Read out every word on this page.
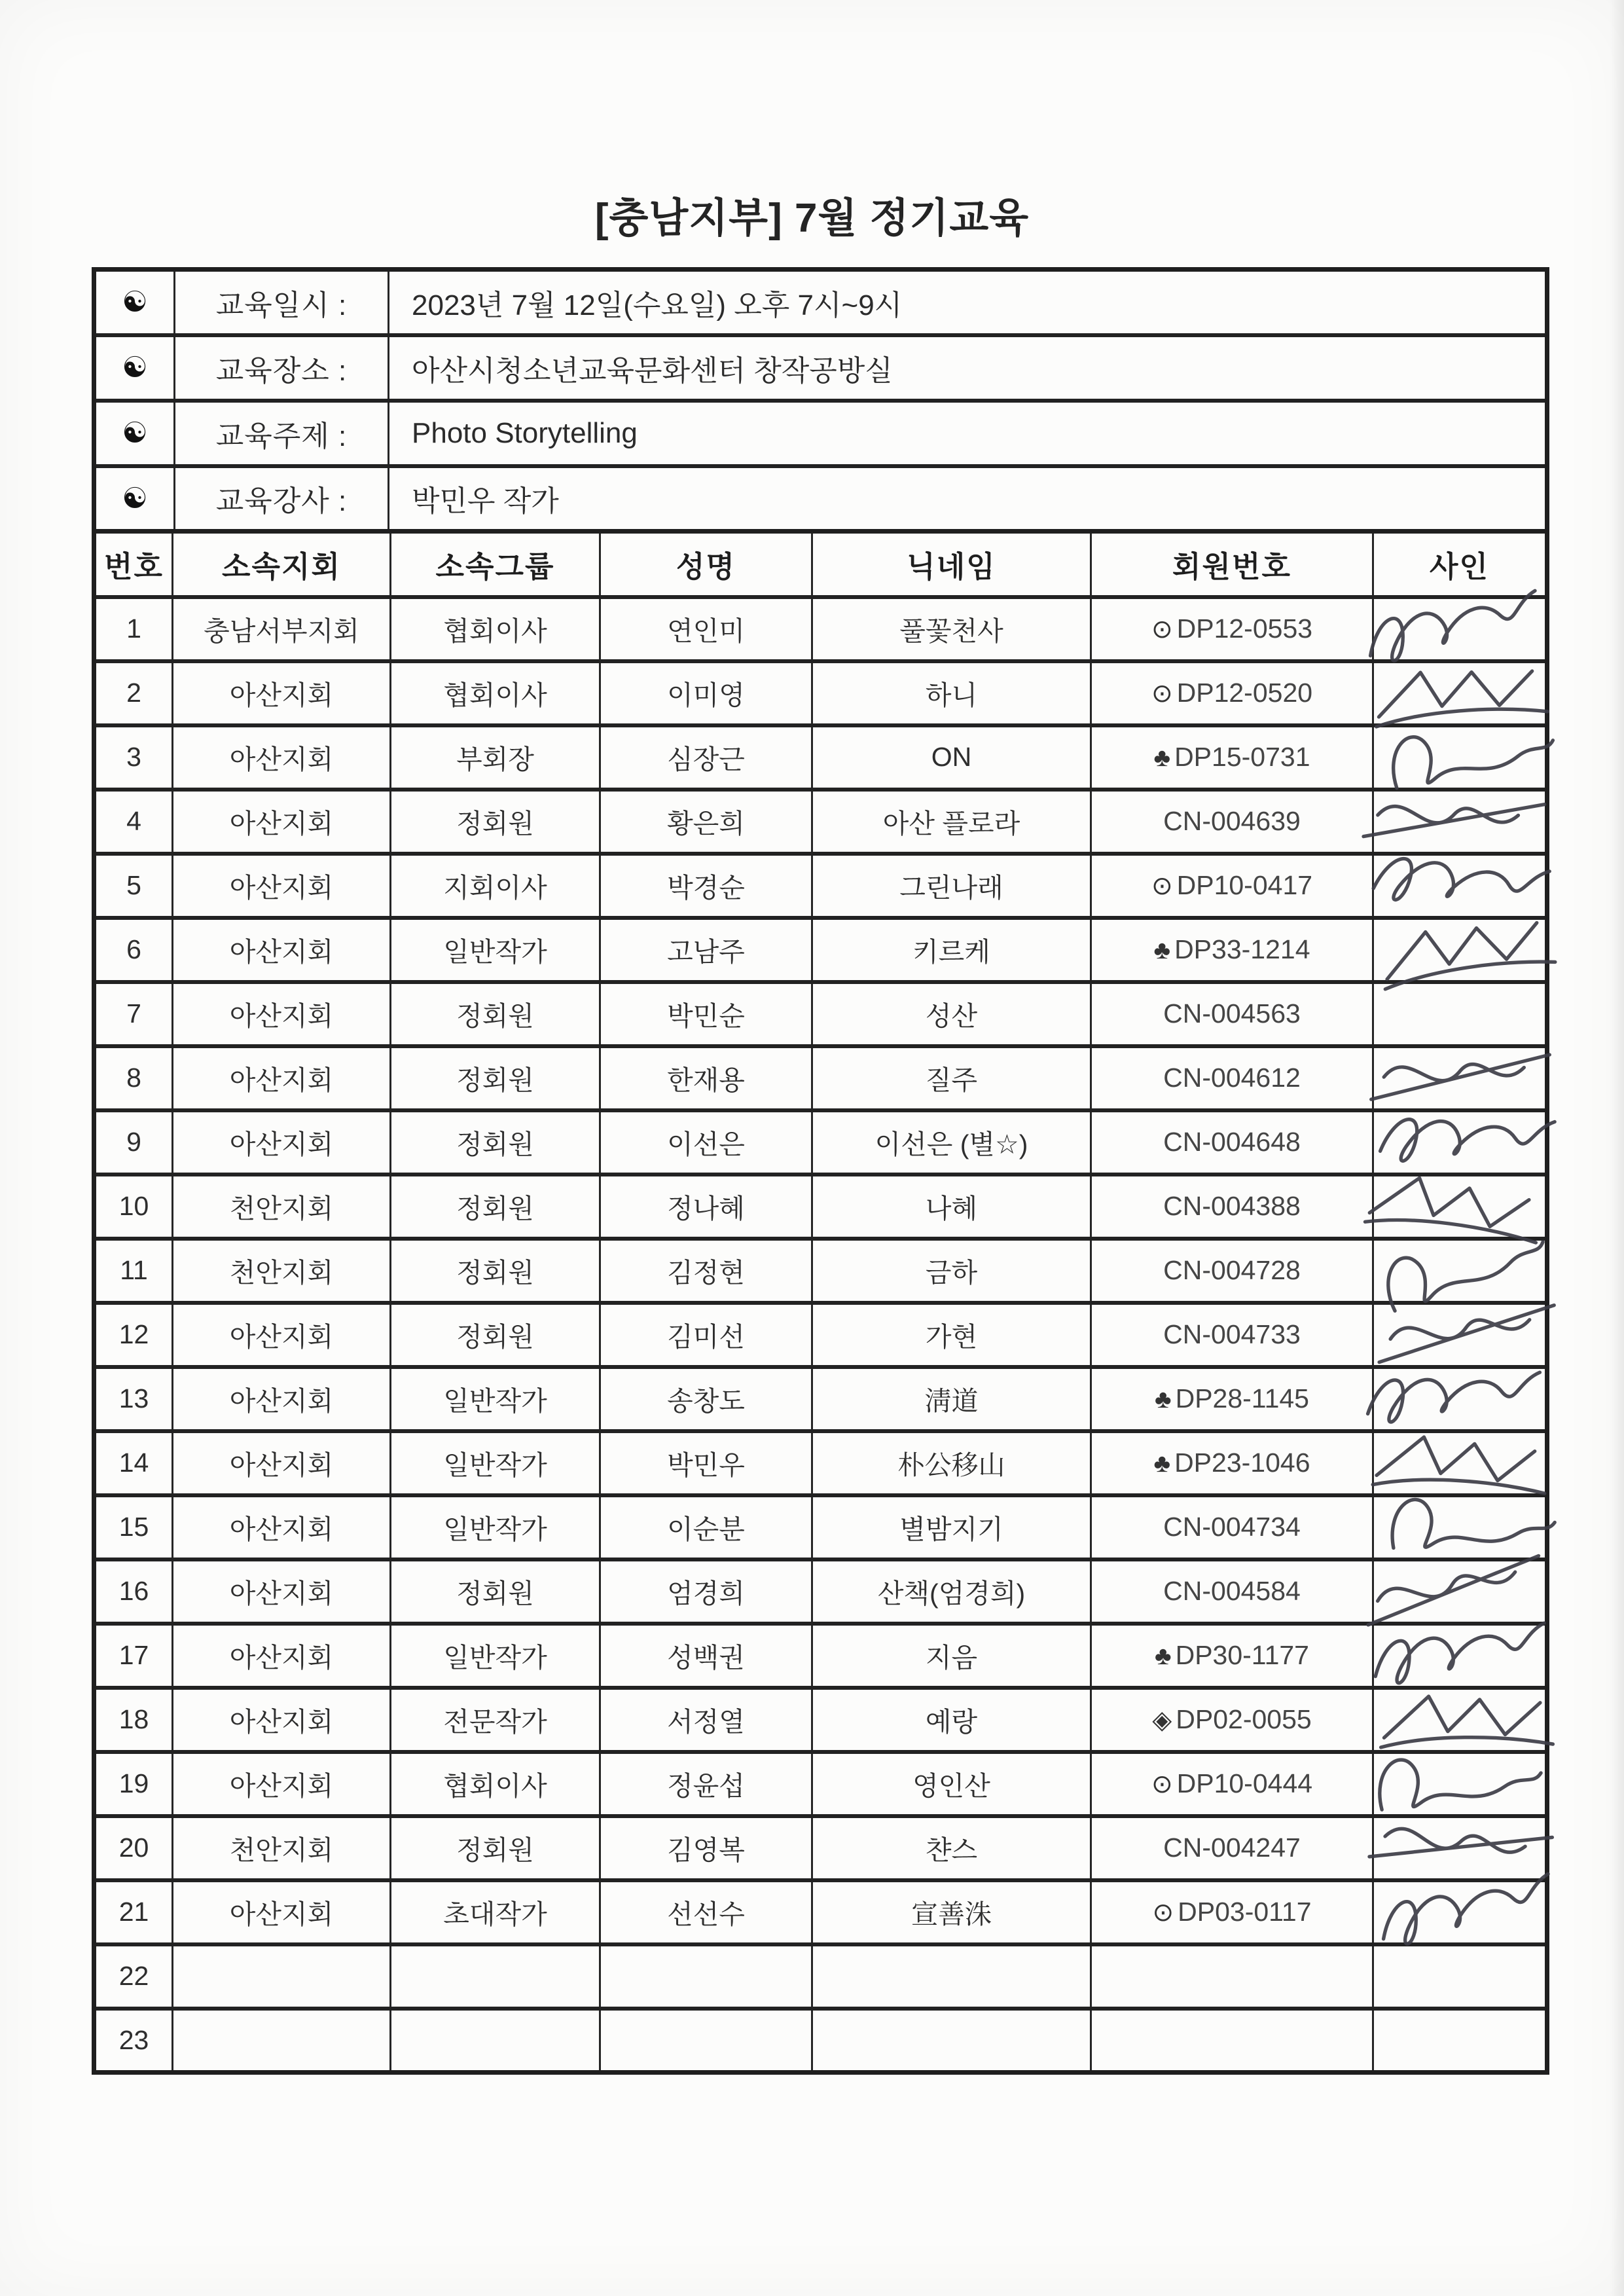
[충남지부] 7월 정기교육
☯	교육일시 :	2023년 7월 12일(수요일) 오후 7시~9시
☯	교육장소 :	아산시청소년교육문화센터 창작공방실
☯	교육주제 :	Photo Storytelling
☯	교육강사 :	박민우 작가
번호	소속지회	소속그룹	성명	닉네임	회원번호	사인
1	충남서부지회	협회이사	연인미	풀꽃천사	⊙ DP12-0553	

2	아산지회	협회이사	이미영	하니	⊙ DP12-0520	

3	아산지회	부회장	심장근	ON	♣ DP15-0731	

4	아산지회	정회원	황은희	아산 플로라	CN-004639	

5	아산지회	지회이사	박경순	그린나래	⊙ DP10-0417	

6	아산지회	일반작가	고남주	키르케	♣ DP33-1214	

7	아산지회	정회원	박민순	성산	CN-004563	
8	아산지회	정회원	한재용	질주	CN-004612	

9	아산지회	정회원	이선은	이선은 (별☆)	CN-004648	

10	천안지회	정회원	정나혜	나혜	CN-004388	

11	천안지회	정회원	김정현	금하	CN-004728	

12	아산지회	정회원	김미선	가현	CN-004733	

13	아산지회	일반작가	송창도	淸道	♣ DP28-1145	

14	아산지회	일반작가	박민우	朴公移山	♣ DP23-1046	

15	아산지회	일반작가	이순분	별밤지기	CN-004734	

16	아산지회	정회원	엄경희	산책(엄경희)	CN-004584	

17	아산지회	일반작가	성백권	지음	♣ DP30-1177	

18	아산지회	전문작가	서정열	예랑	◈ DP02-0055	

19	아산지회	협회이사	정윤섭	영인산	⊙ DP10-0444	

20	천안지회	정회원	김영복	챤스	CN-004247	

21	아산지회	초대작가	선선수	宣善洙	⊙ DP03-0117	

22						
23						
